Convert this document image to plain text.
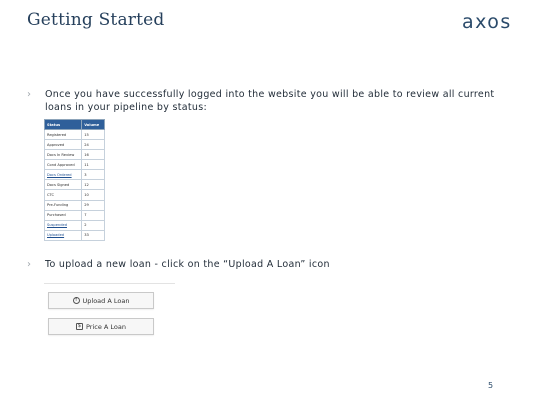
Getting Started	axos
› Once you have successfully logged into the website you will be able to review all current loans in your pipeline by status:
Status	Volume
Registered	15
Approved	24
Docs In Review	16
Cond Approved	11
Docs Ordered	3
Docs Signed	12
CTC	10
Pre-Funding	29
Purchased	7
Suspended	2
Uploaded	33
› To upload a new loan - click on the “Upload A Loan” icon
↑ Upload A Loan
$ Price A Loan
5
